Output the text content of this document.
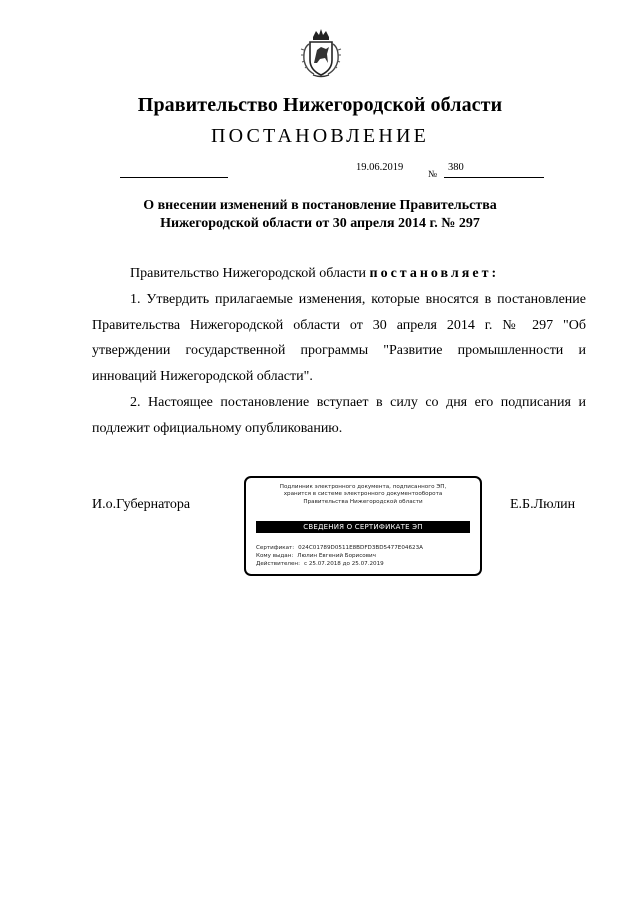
Правительство Нижегородской области
ПОСТАНОВЛЕНИЕ
19.06.2019
№
380
О внесении изменений в постановление Правительства
Нижегородской области от 30 апреля 2014 г. № 297
Правительство Нижегородской области постановляет:
1. Утвердить прилагаемые изменения, которые вносятся в постановление Правительства Нижегородской области от 30 апреля 2014 г. № 297 "Об утверждении государственной программы "Развитие промышленности и инноваций Нижегородской области".
2. Настоящее постановление вступает в силу со дня его подписания и подлежит официальному опубликованию.
И.о.Губернатора
Подлинник электронного документа, подписанного ЭП,
хранится в системе электронного документооборота
Правительства Нижегородской области
СВЕДЕНИЯ О СЕРТИФИКАТЕ ЭП
Сертификат: 024C01789D0511E8BDFD3BD5477E04623A
Кому выдан: Люлин Евгений Борисович
Действителен: с 25.07.2018 до 25.07.2019
Е.Б.Люлин
